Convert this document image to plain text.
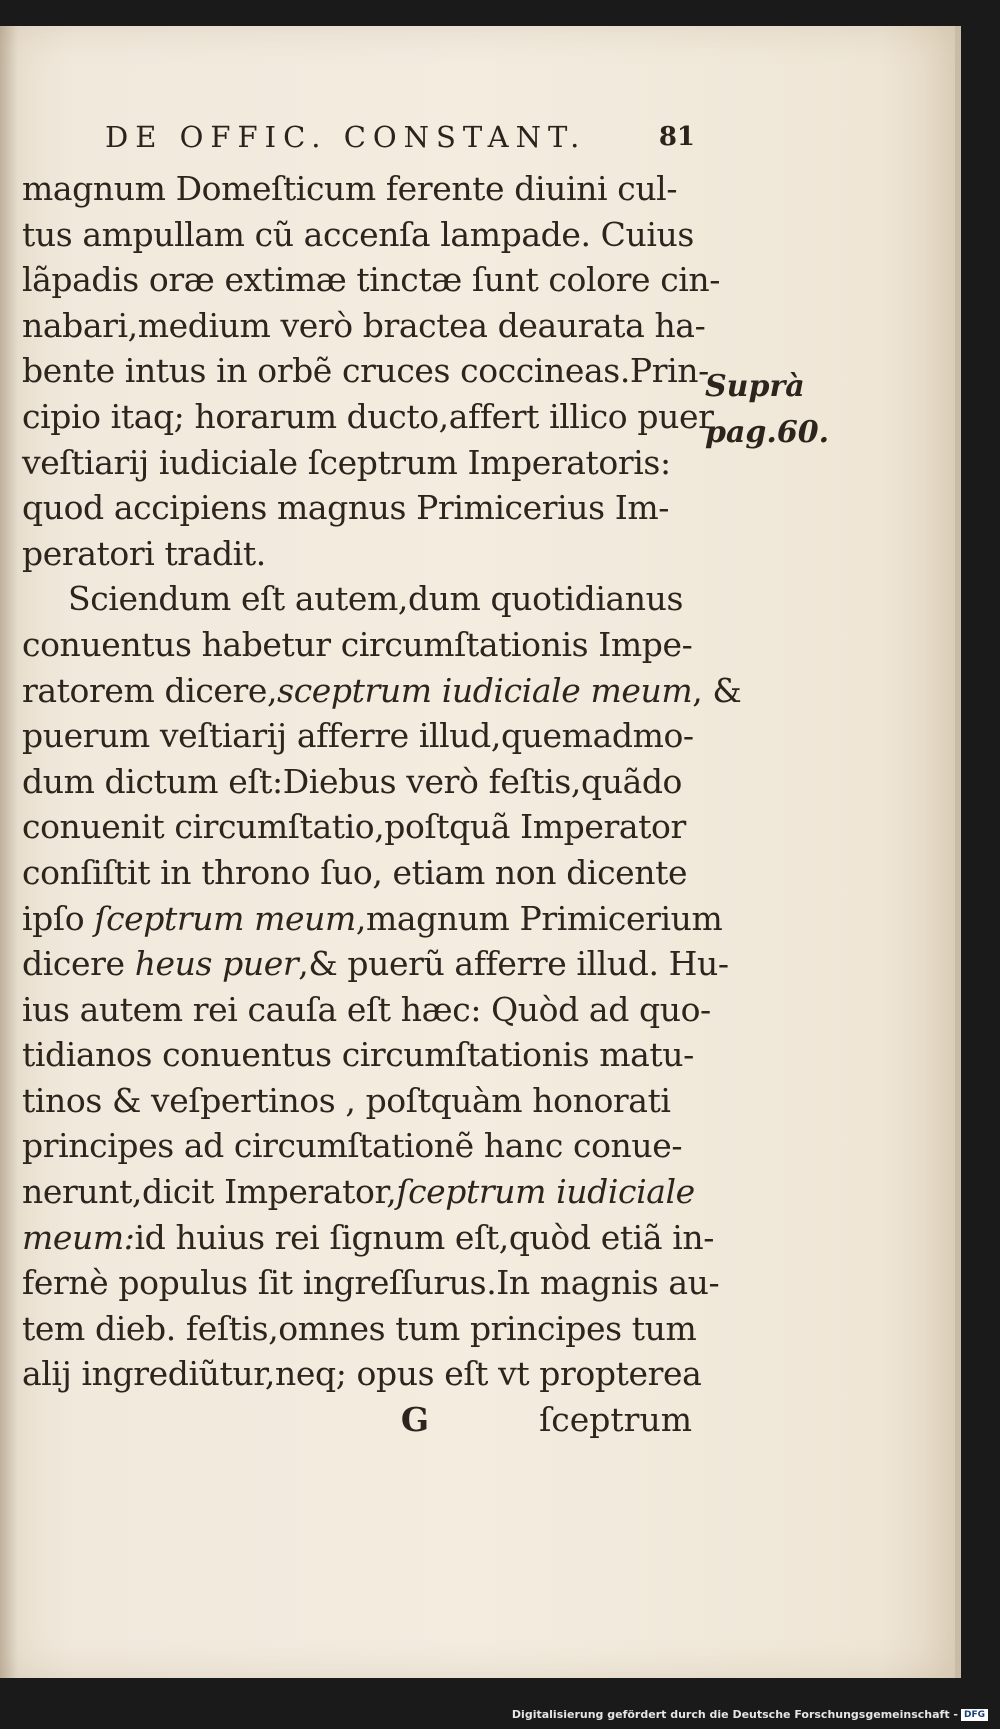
DE OFFIC. CONSTANT.	81
magnum Domeſticum ferente diuini cul-
tus ampullam cũ accenſa lampade. Cuius
lãpadis oræ extimæ tinctæ ſunt colore cin-
nabari,medium verò bractea deaurata ha-
bente intus in orbẽ cruces coccineas.Prin-
cipio itaq; horarum ducto,affert illico puer
veſtiarij iudiciale ſceptrum Imperatoris:
quod accipiens magnus Primicerius Im-
peratori tradit.
Sciendum eſt autem,dum quotidianus
conuentus habetur circumſtationis Impe-
ratorem dicere,sceptrum iudiciale meum, &
puerum veſtiarij afferre illud,quemadmo-
dum dictum eſt:Diebus verò feſtis,quãdo
conuenit circumſtatio,poſtquã Imperator
conſiſtit in throno ſuo, etiam non dicente
ipſo ſceptrum meum,magnum Primicerium
dicere heus puer,& puerũ afferre illud. Hu-
ius autem rei cauſa eſt hæc: Quòd ad quo-
tidianos conuentus circumſtationis matu-
tinos & veſpertinos , poſtquàm honorati
principes ad circumſtationẽ hanc conue-
nerunt,dicit Imperator,ſceptrum iudiciale
meum:id huius rei ſignum eſt,quòd etiã in-
fernè populus ſit ingreſſurus.In magnis au-
tem dieb. feſtis,omnes tum principes tum
alij ingrediũtur,neq; opus eſt vt propterea
G	ſceptrum
Suprà
pag.60.
Digitalisierung gefördert durch die Deutsche Forschungsgemeinschaft - DFG
